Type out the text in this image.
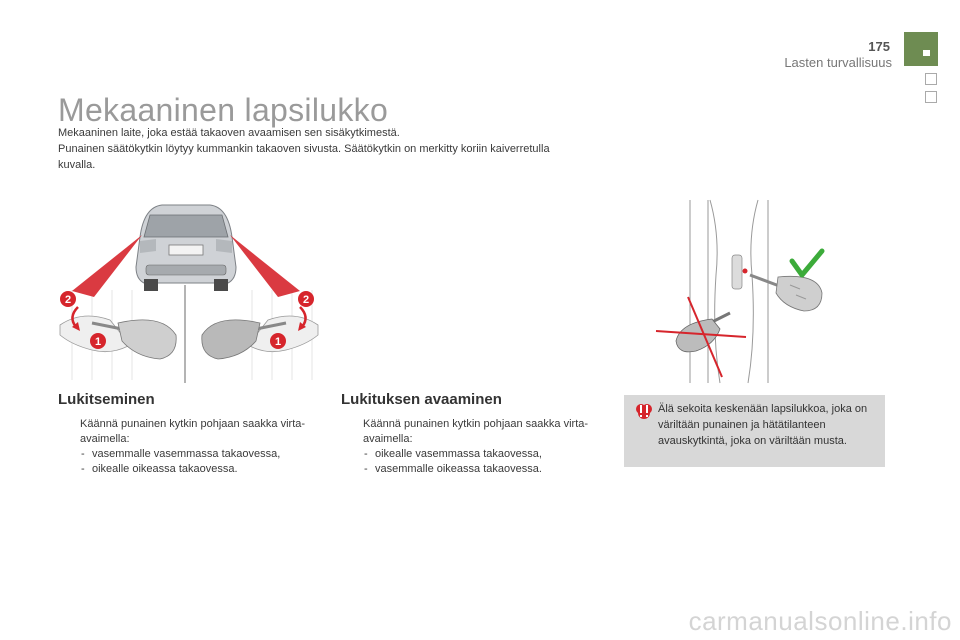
175
Lasten turvallisuus
Mekaaninen lapsilukko

Mekaaninen laite, joka estää takaoven avaamisen sen sisäkytkimestä.

Punainen säätökytkin löytyy kummankin takaoven sivusta. Säätökytkin on merkitty koriin kaiverretulla kuvalla.

2	2
1	1
Lukitseminen
Käännä punainen kytkin pohjaan saakka virta-avaimella:
- vasemmalle vasemmassa takaovessa,
- oikealle oikeassa takaovessa.
Lukituksen avaaminen
Käännä punainen kytkin pohjaan saakka virta-avaimella:
- oikealle vasemmassa takaovessa,
- vasemmalle oikeassa takaovessa.
Älä sekoita keskenään lapsilukkoa, joka on väriltään punainen ja hätätilanteen avauskytkintä, joka on väriltään musta.
carmanualsonline.info
